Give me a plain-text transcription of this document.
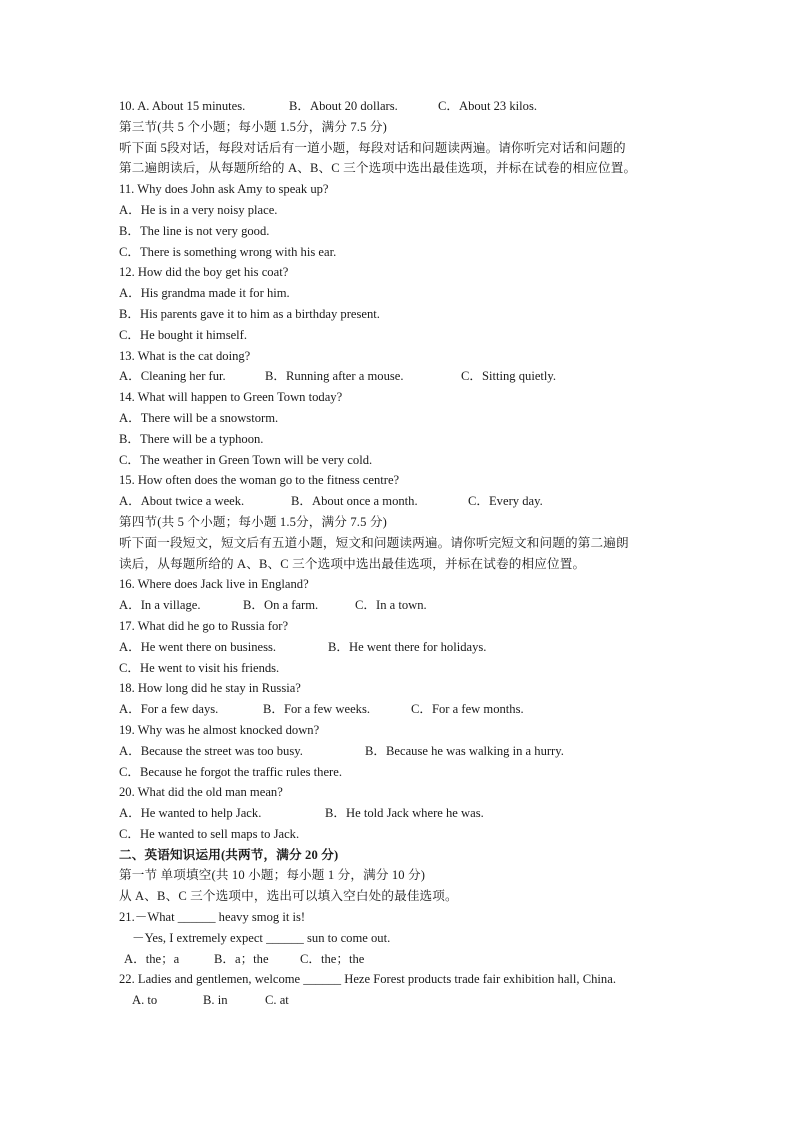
10. A. About 15 minutes.	B．About 20 dollars.	C．About 23 kilos.
第三节(共 5 个小题；每小题 1.5分，满分 7.5 分)
听下面 5段对话，每段对话后有一道小题，每段对话和问题读两遍。请你听完对话和问题的
第二遍朗读后，从每题所给的 A、B、C 三个选项中选出最佳选项，并标在试卷的相应位置。
11. Why does John ask Amy to speak up?
A．He is in a very noisy place.
B．The line is not very good.
C．There is something wrong with his ear.
12. How did the boy get his coat?
A．His grandma made it for him.
B．His parents gave it to him as a birthday present.
C．He bought it himself.
13. What is the cat doing?
A．Cleaning her fur.	B．Running after a mouse.	C．Sitting quietly.
14. What will happen to Green Town today?
A．There will be a snowstorm.
B．There will be a typhoon.
C．The weather in Green Town will be very cold.
15. How often does the woman go to the fitness centre?
A．About twice a week.	B．About once a month.	C．Every day.
第四节(共 5 个小题；每小题 1.5分，满分 7.5 分)
听下面一段短文，短文后有五道小题，短文和问题读两遍。请你听完短文和问题的第二遍朗
读后，从每题所给的 A、B、C 三个选项中选出最佳选项，并标在试卷的相应位置。
16. Where does Jack live in England?
A．In a village.	B．On a farm.	C．In a town.
17. What did he go to Russia for?
A．He went there on business.	B．He went there for holidays.
C．He went to visit his friends.
18. How long did he stay in Russia?
A．For a few days.	B．For a few weeks.	C．For a few months.
19. Why was he almost knocked down?
A．Because the street was too busy.	B．Because he was walking in a hurry.
C．Because he forgot the traffic rules there.
20. What did the old man mean?
A．He wanted to help Jack.	B．He told Jack where he was.
C．He wanted to sell maps to Jack.
二、英语知识运用(共两节，满分 20 分)
第一节 单项填空(共 10 小题；每小题 1 分，满分 10 分)
从 A、B、C 三个选项中，选出可以填入空白处的最佳选项。
21.－What ______ heavy smog it is!
－Yes, I extremely expect ______ sun to come out.
A．the；a	B．a；the C．the；the
22. Ladies and gentlemen, welcome ______ Heze Forest products trade fair exhibition hall, China.
A. to	B. in	C. at
